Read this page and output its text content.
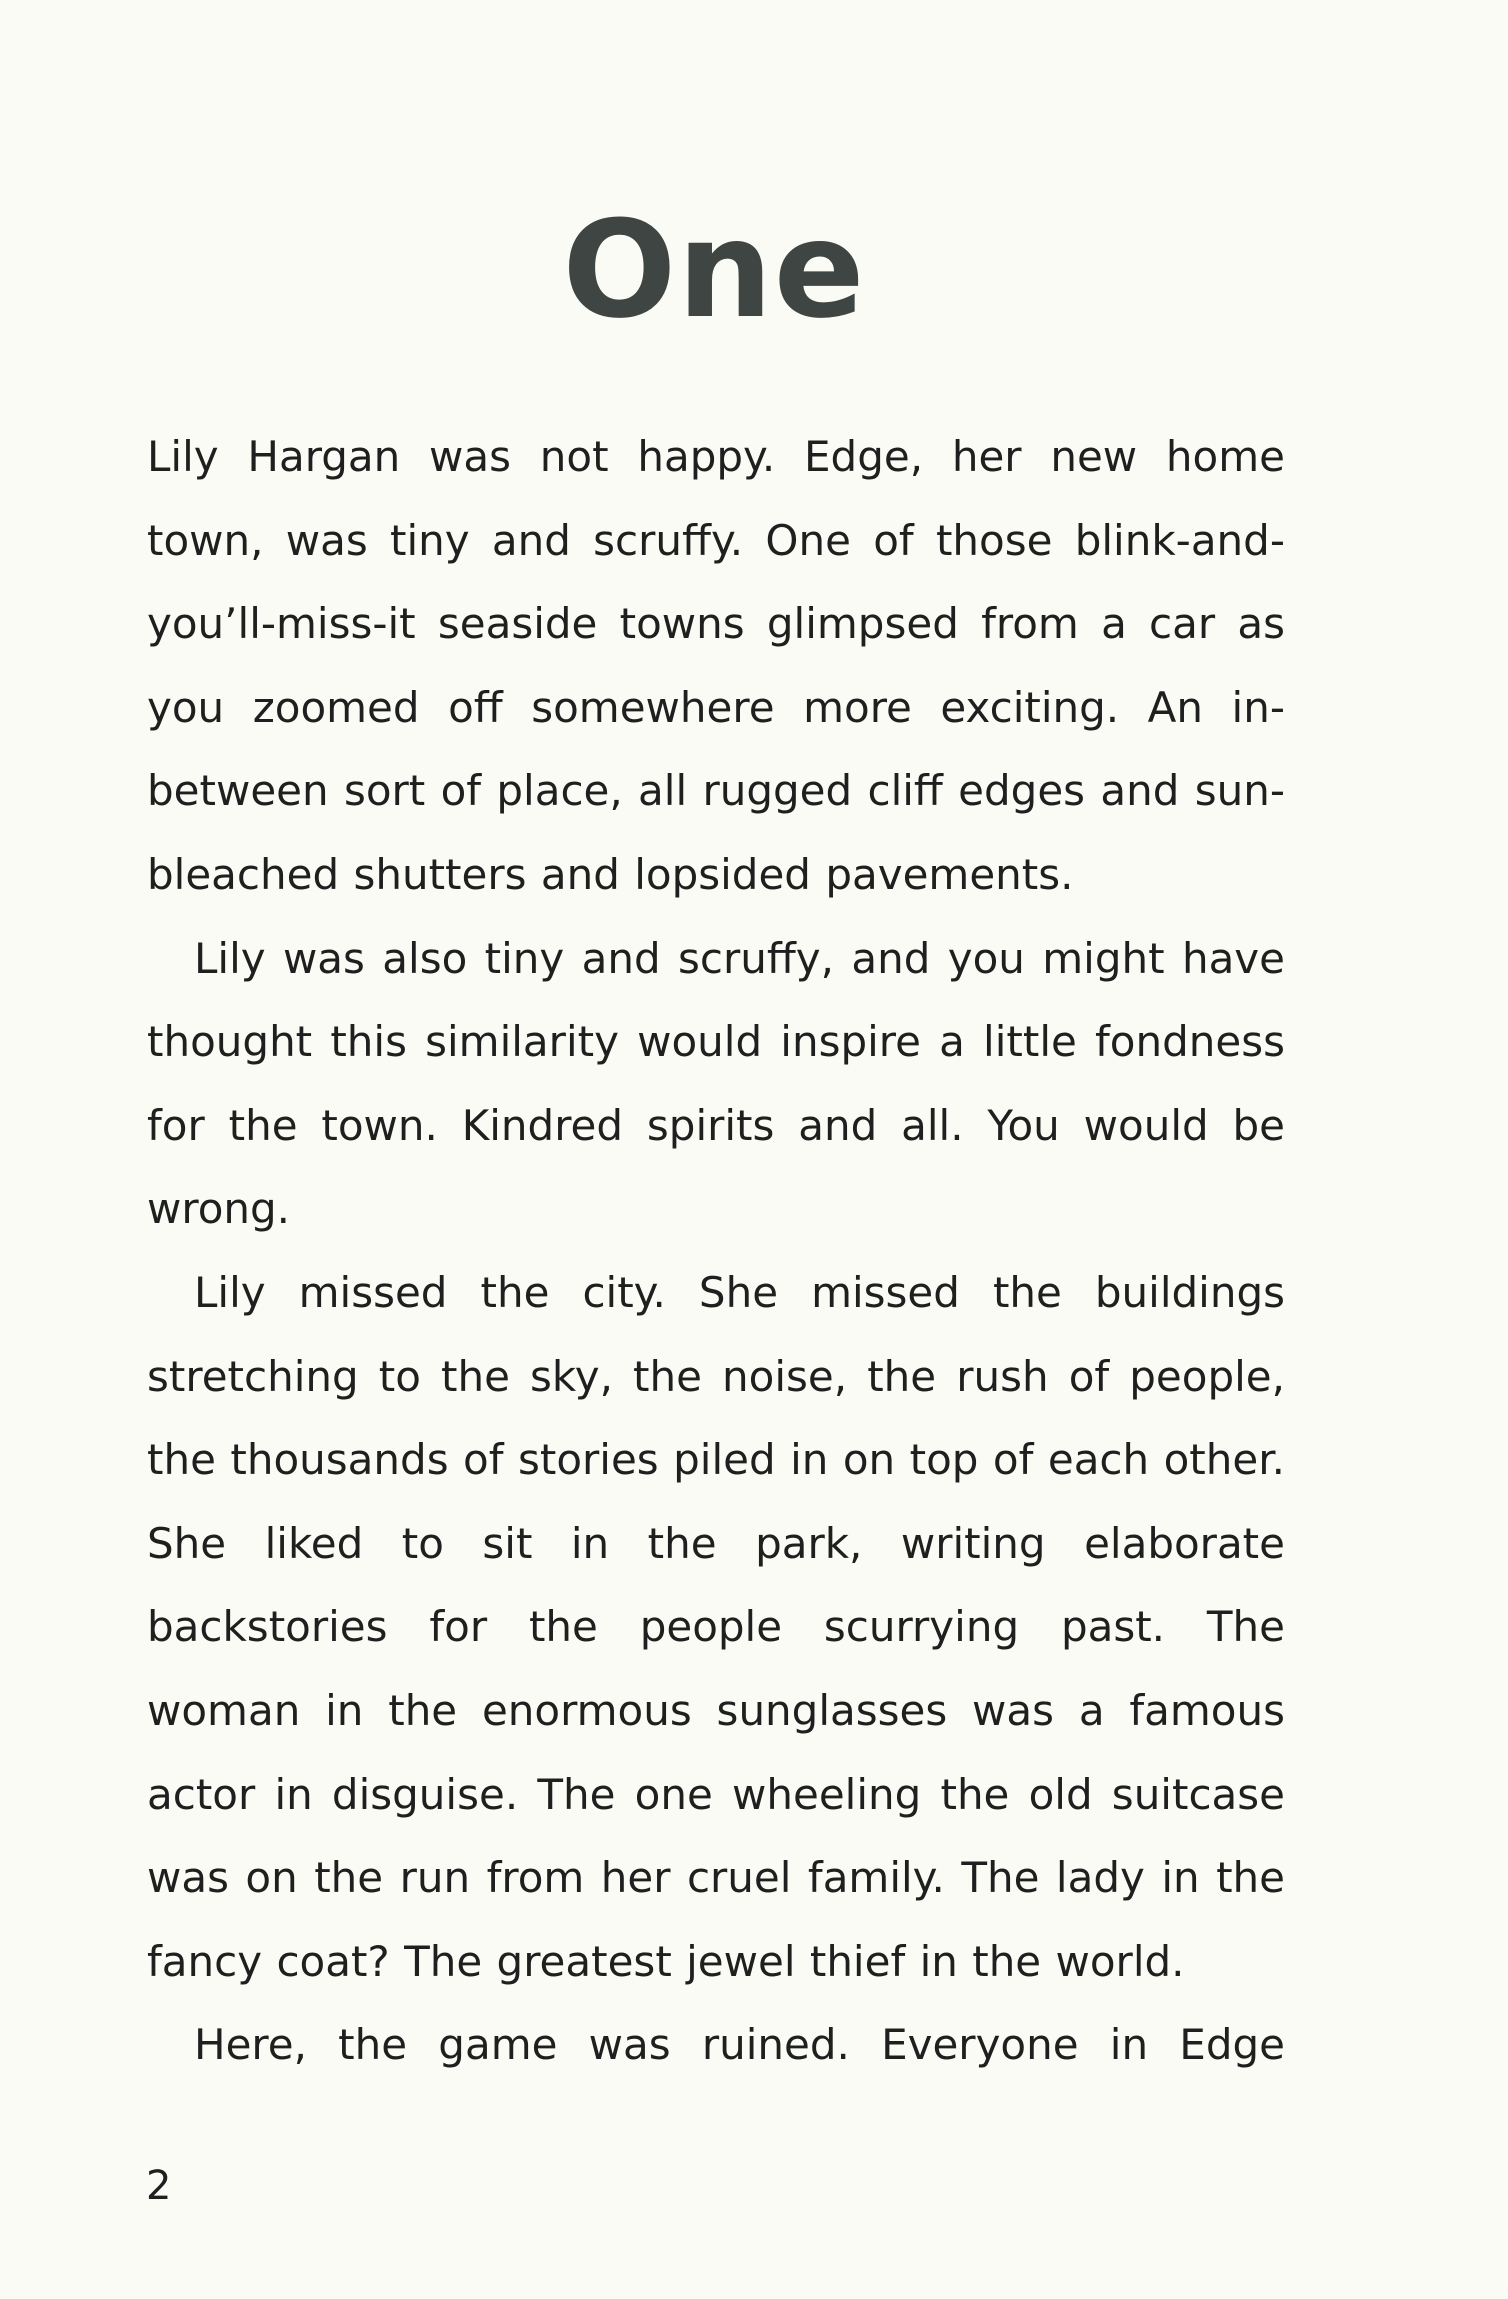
One

Lily Hargan was not happy. Edge, her new home town, was tiny and scruffy. One of those blink-and-you’ll-miss-it seaside towns glimpsed from a car as you zoomed off somewhere more exciting. An in-between sort of place, all rugged cliff edges and sun-bleached shutters and lopsided pavements.

Lily was also tiny and scruffy, and you might have thought this similarity would inspire a little fondness for the town. Kindred spirits and all. You would be wrong.

Lily missed the city. She missed the buildings stretching to the sky, the noise, the rush of people, the thousands of stories piled in on top of each other. She liked to sit in the park, writing elaborate backstories for the people scurrying past. The woman in the enormous sunglasses was a famous actor in disguise. The one wheeling the old suitcase was on the run from her cruel family. The lady in the fancy coat? The greatest jewel thief in the world.

Here, the game was ruined. Everyone in Edge

2
